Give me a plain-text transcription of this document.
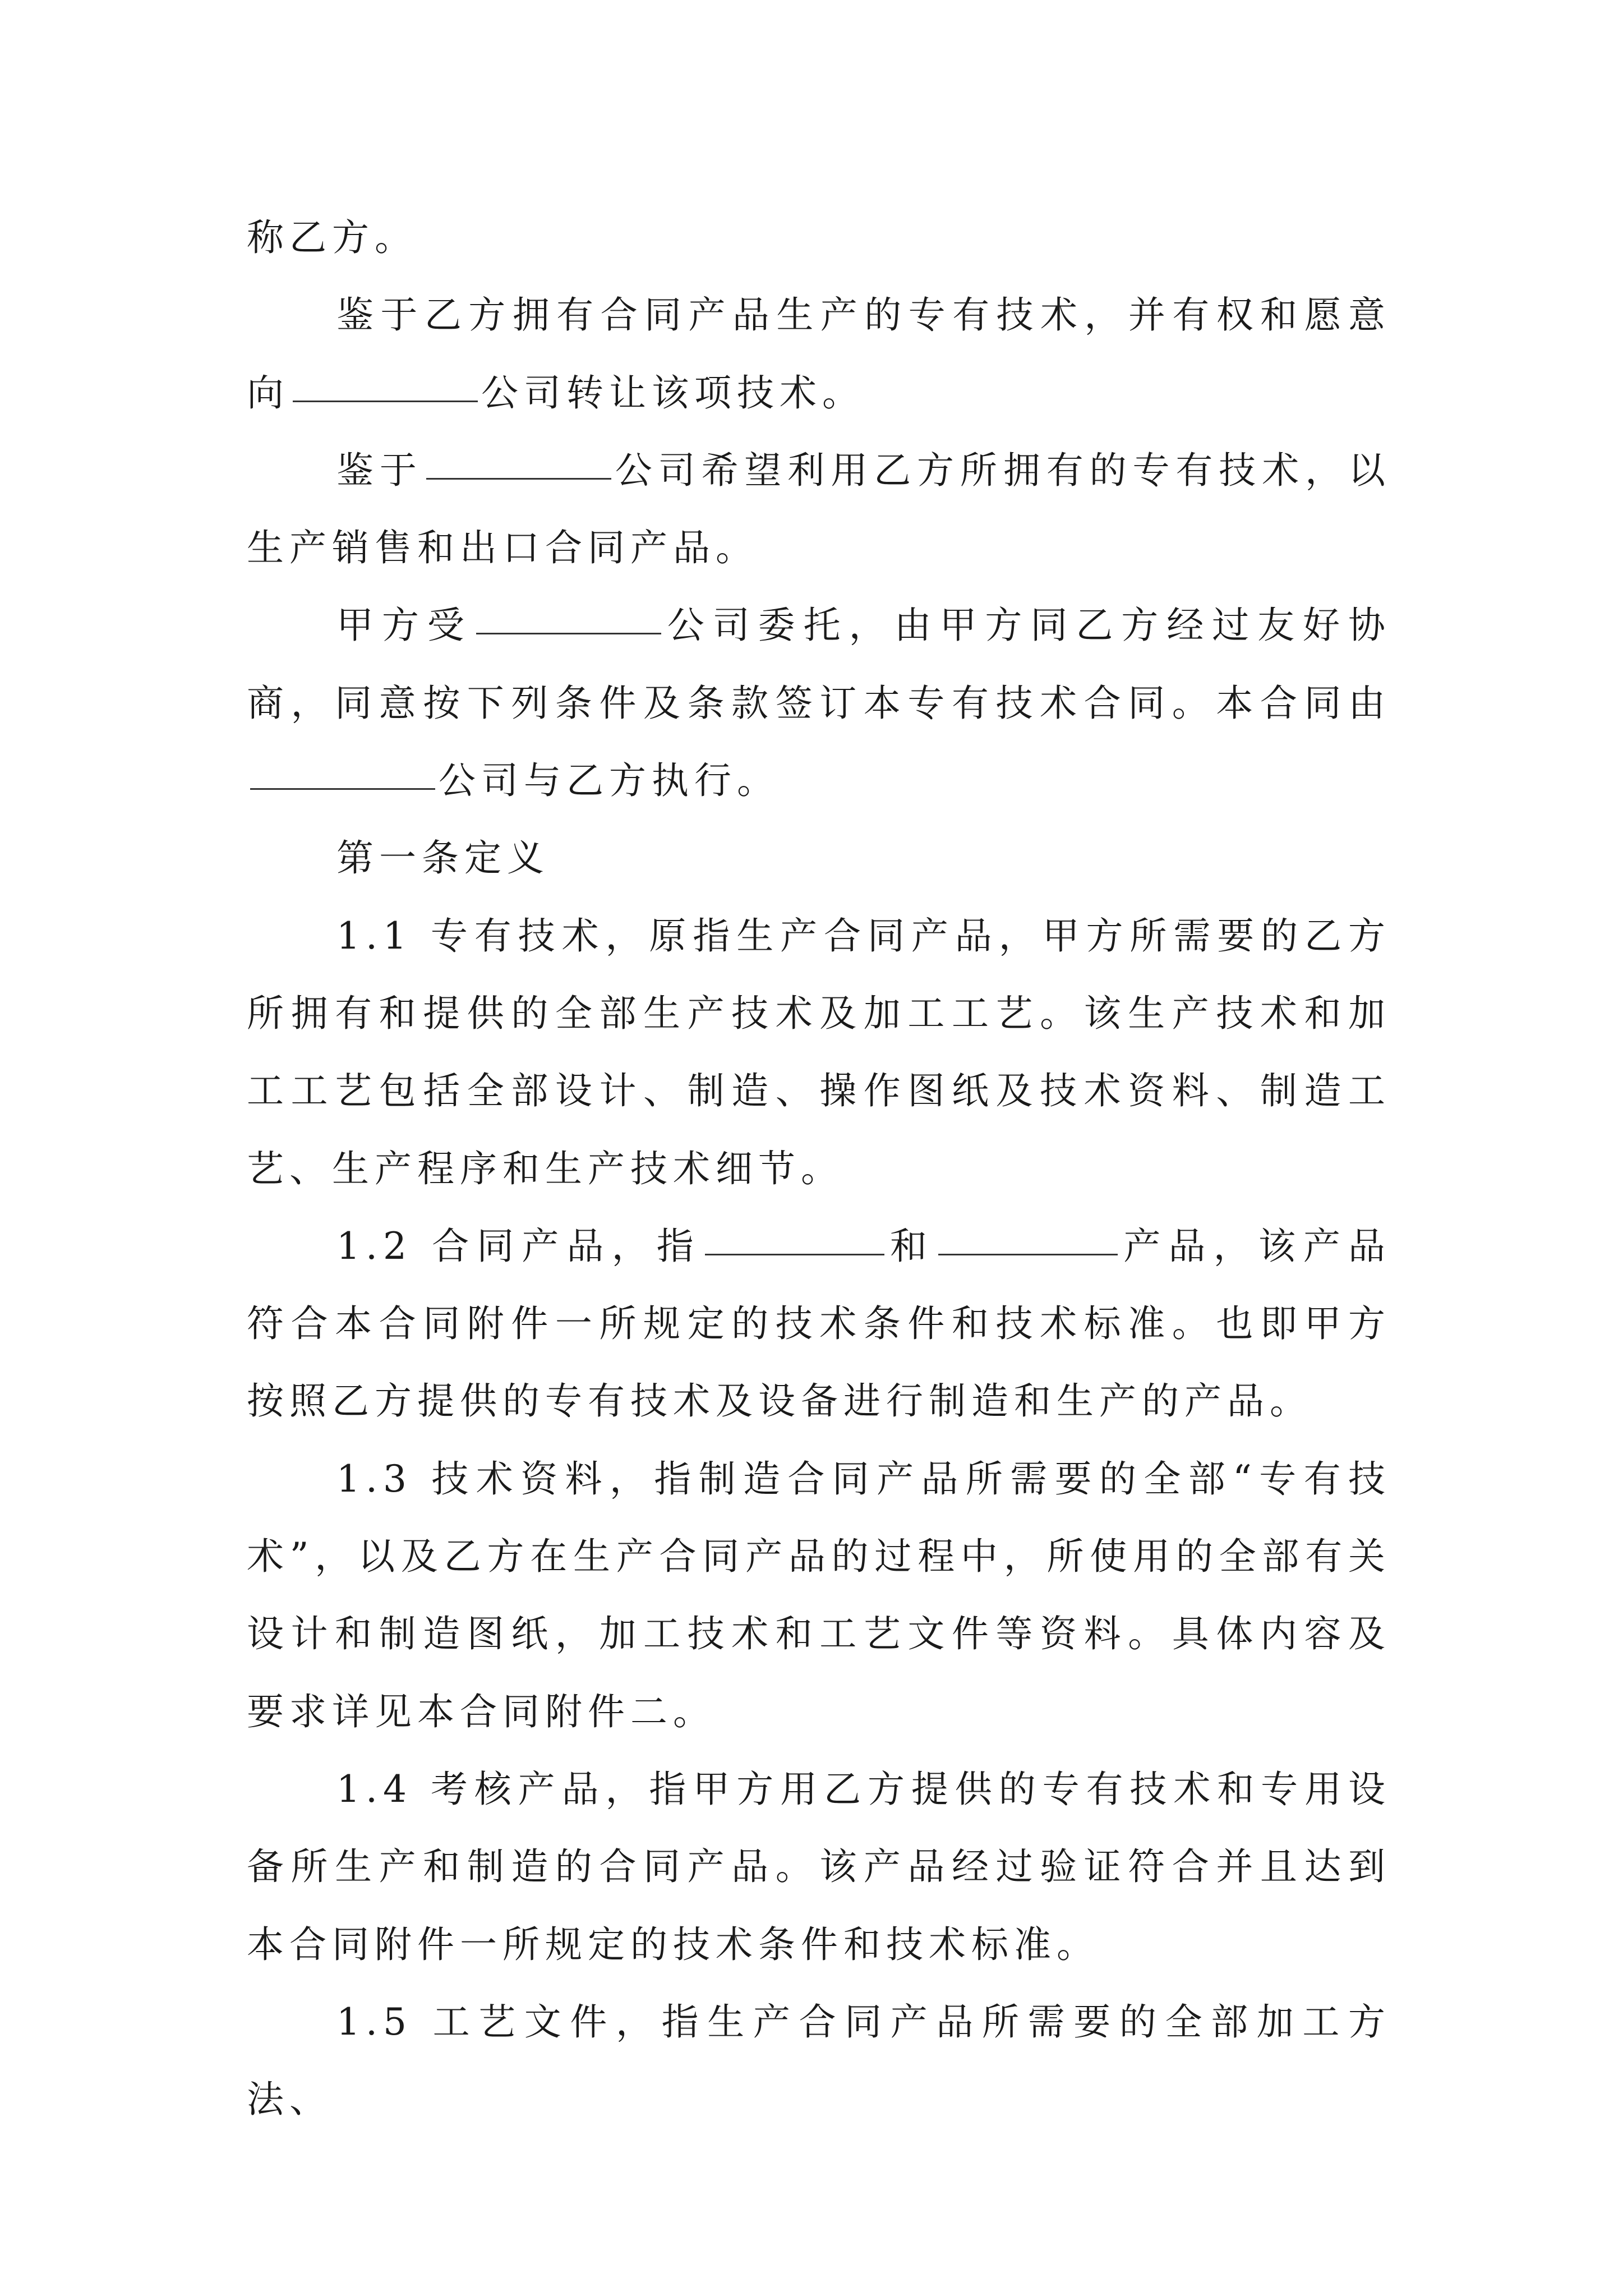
称乙方。

鉴于乙方拥有合同产品生产的专有技术，并有权和愿意向	公司转让该项技术。

鉴于	公司希望利用乙方所拥有的专有技术，以生产销售和出口合同产品。

甲方受	公司委托，由甲方同乙方经过友好协商，同意按下列条件及条款签订本专有技术合同。本合同由公司与乙方执行。

第一条定义

1.1 专有技术，原指生产合同产品，甲方所需要的乙方所拥有和提供的全部生产技术及加工工艺。该生产技术和加工工艺包括全部设计、制造、操作图纸及技术资料、制造工艺、生产程序和生产技术细节。

1.2 合同产品，指	和	产品，该产品符合本合同附件一所规定的技术条件和技术标准。也即甲方按照乙方提供的专有技术及设备进行制造和生产的产品。

1.3 技术资料，指制造合同产品所需要的全部“专有技术”，以及乙方在生产合同产品的过程中，所使用的全部有关设计和制造图纸，加工技术和工艺文件等资料。具体内容及要求详见本合同附件二。

1.4 考核产品，指甲方用乙方提供的专有技术和专用设备所生产和制造的合同产品。该产品经过验证符合并且达到本合同附件一所规定的技术条件和技术标准。

1.5 工艺文件，指生产合同产品所需要的全部加工方法、
